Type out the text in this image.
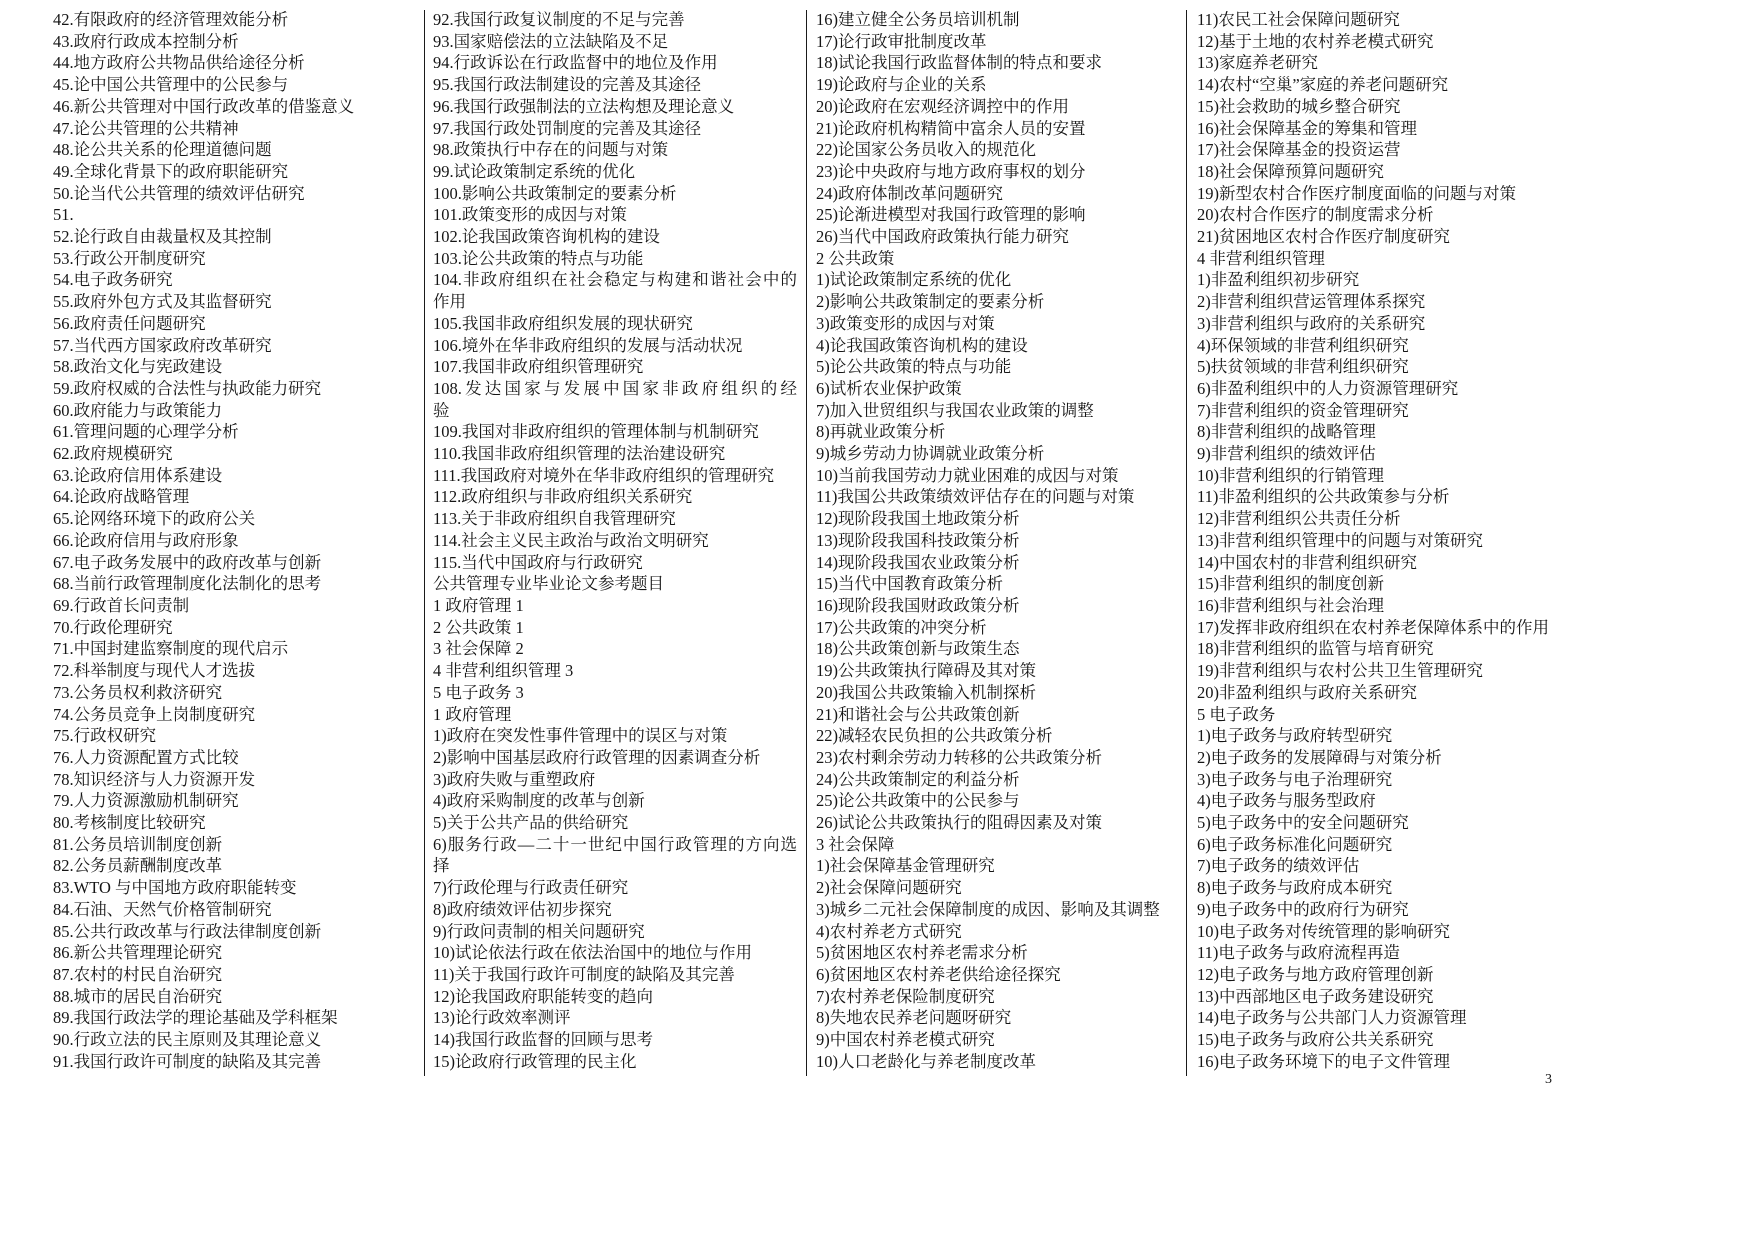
42.有限政府的经济管理效能分析
43.政府行政成本控制分析
44.地方政府公共物品供给途径分析
45.论中国公共管理中的公民参与
46.新公共管理对中国行政改革的借鉴意义
47.论公共管理的公共精神
48.论公共关系的伦理道德问题
49.全球化背景下的政府职能研究
50.论当代公共管理的绩效评估研究
51.
52.论行政自由裁量权及其控制
53.行政公开制度研究
54.电子政务研究
55.政府外包方式及其监督研究
56.政府责任问题研究
57.当代西方国家政府改革研究
58.政治文化与宪政建设
59.政府权威的合法性与执政能力研究
60.政府能力与政策能力
61.管理问题的心理学分析
62.政府规模研究
63.论政府信用体系建设
64.论政府战略管理
65.论网络环境下的政府公关
66.论政府信用与政府形象
67.电子政务发展中的政府改革与创新
68.当前行政管理制度化法制化的思考
69.行政首长问责制
70.行政伦理研究
71.中国封建监察制度的现代启示
72.科举制度与现代人才选拔
73.公务员权利救济研究
74.公务员竞争上岗制度研究
75.行政权研究
76.人力资源配置方式比较
78.知识经济与人力资源开发
79.人力资源激励机制研究
80.考核制度比较研究
81.公务员培训制度创新
82.公务员薪酬制度改革
83.WTO 与中国地方政府职能转变
84.石油、天然气价格管制研究
85.公共行政改革与行政法律制度创新
86.新公共管理理论研究
87.农村的村民自治研究
88.城市的居民自治研究
89.我国行政法学的理论基础及学科框架
90.行政立法的民主原则及其理论意义
91.我国行政许可制度的缺陷及其完善
92.我国行政复议制度的不足与完善
93.国家赔偿法的立法缺陷及不足
94.行政诉讼在行政监督中的地位及作用
95.我国行政法制建设的完善及其途径
96.我国行政强制法的立法构想及理论意义
97.我国行政处罚制度的完善及其途径
98.政策执行中存在的问题与对策
99.试论政策制定系统的优化
100.影响公共政策制定的要素分析
101.政策变形的成因与对策
102.论我国政策咨询机构的建设
103.论公共政策的特点与功能
104.非政府组织在社会稳定与构建和谐社会中的
作用
105.我国非政府组织发展的现状研究
106.境外在华非政府组织的发展与活动状况
107.我国非政府组织管理研究
108.发达国家与发展中国家非政府组织的经
验
109.我国对非政府组织的管理体制与机制研究
110.我国非政府组织管理的法治建设研究
111.我国政府对境外在华非政府组织的管理研究
112.政府组织与非政府组织关系研究
113.关于非政府组织自我管理研究
114.社会主义民主政治与政治文明研究
115.当代中国政府与行政研究
公共管理专业毕业论文参考题目
1 政府管理 1
2 公共政策 1
3 社会保障 2
4 非营利组织管理 3
5 电子政务 3
1 政府管理
1)政府在突发性事件管理中的误区与对策
2)影响中国基层政府行政管理的因素调查分析
3)政府失败与重塑政府
4)政府采购制度的改革与创新
5)关于公共产品的供给研究
6)服务行政—二十一世纪中国行政管理的方向选
择
7)行政伦理与行政责任研究
8)政府绩效评估初步探究
9)行政问责制的相关问题研究
10)试论依法行政在依法治国中的地位与作用
11)关于我国行政许可制度的缺陷及其完善
12)论我国政府职能转变的趋向
13)论行政效率测评
14)我国行政监督的回顾与思考
15)论政府行政管理的民主化
16)建立健全公务员培训机制
17)论行政审批制度改革
18)试论我国行政监督体制的特点和要求
19)论政府与企业的关系
20)论政府在宏观经济调控中的作用
21)论政府机构精简中富余人员的安置
22)论国家公务员收入的规范化
23)论中央政府与地方政府事权的划分
24)政府体制改革问题研究
25)论渐进模型对我国行政管理的影响
26)当代中国政府政策执行能力研究
2 公共政策
1)试论政策制定系统的优化
2)影响公共政策制定的要素分析
3)政策变形的成因与对策
4)论我国政策咨询机构的建设
5)论公共政策的特点与功能
6)试析农业保护政策
7)加入世贸组织与我国农业政策的调整
8)再就业政策分析
9)城乡劳动力协调就业政策分析
10)当前我国劳动力就业困难的成因与对策
11)我国公共政策绩效评估存在的问题与对策
12)现阶段我国土地政策分析
13)现阶段我国科技政策分析
14)现阶段我国农业政策分析
15)当代中国教育政策分析
16)现阶段我国财政政策分析
17)公共政策的冲突分析
18)公共政策创新与政策生态
19)公共政策执行障碍及其对策
20)我国公共政策输入机制探析
21)和谐社会与公共政策创新
22)减轻农民负担的公共政策分析
23)农村剩余劳动力转移的公共政策分析
24)公共政策制定的利益分析
25)论公共政策中的公民参与
26)试论公共政策执行的阻碍因素及对策
3 社会保障
1)社会保障基金管理研究
2)社会保障问题研究
3)城乡二元社会保障制度的成因、影响及其调整
4)农村养老方式研究
5)贫困地区农村养老需求分析
6)贫困地区农村养老供给途径探究
7)农村养老保险制度研究
8)失地农民养老问题呀研究
9)中国农村养老模式研究
10)人口老龄化与养老制度改革
11)农民工社会保障问题研究
12)基于土地的农村养老模式研究
13)家庭养老研究
14)农村“空巢”家庭的养老问题研究
15)社会救助的城乡整合研究
16)社会保障基金的筹集和管理
17)社会保障基金的投资运营
18)社会保障预算问题研究
19)新型农村合作医疗制度面临的问题与对策
20)农村合作医疗的制度需求分析
21)贫困地区农村合作医疗制度研究
4 非营利组织管理
1)非盈利组织初步研究
2)非营利组织营运管理体系探究
3)非营利组织与政府的关系研究
4)环保领域的非营利组织研究
5)扶贫领域的非营利组织研究
6)非盈利组织中的人力资源管理研究
7)非营利组织的资金管理研究
8)非营利组织的战略管理
9)非营利组织的绩效评估
10)非营利组织的行销管理
11)非盈利组织的公共政策参与分析
12)非营利组织公共责任分析
13)非营利组织管理中的问题与对策研究
14)中国农村的非营利组织研究
15)非营利组织的制度创新
16)非营利组织与社会治理
17)发挥非政府组织在农村养老保障体系中的作用
18)非营利组织的监管与培育研究
19)非营利组织与农村公共卫生管理研究
20)非盈利组织与政府关系研究
5 电子政务
1)电子政务与政府转型研究
2)电子政务的发展障碍与对策分析
3)电子政务与电子治理研究
4)电子政务与服务型政府
5)电子政务中的安全问题研究
6)电子政务标准化问题研究
7)电子政务的绩效评估
8)电子政务与政府成本研究
9)电子政务中的政府行为研究
10)电子政务对传统管理的影响研究
11)电子政务与政府流程再造
12)电子政务与地方政府管理创新
13)中西部地区电子政务建设研究
14)电子政务与公共部门人力资源管理
15)电子政务与政府公共关系研究
16)电子政务环境下的电子文件管理
3
